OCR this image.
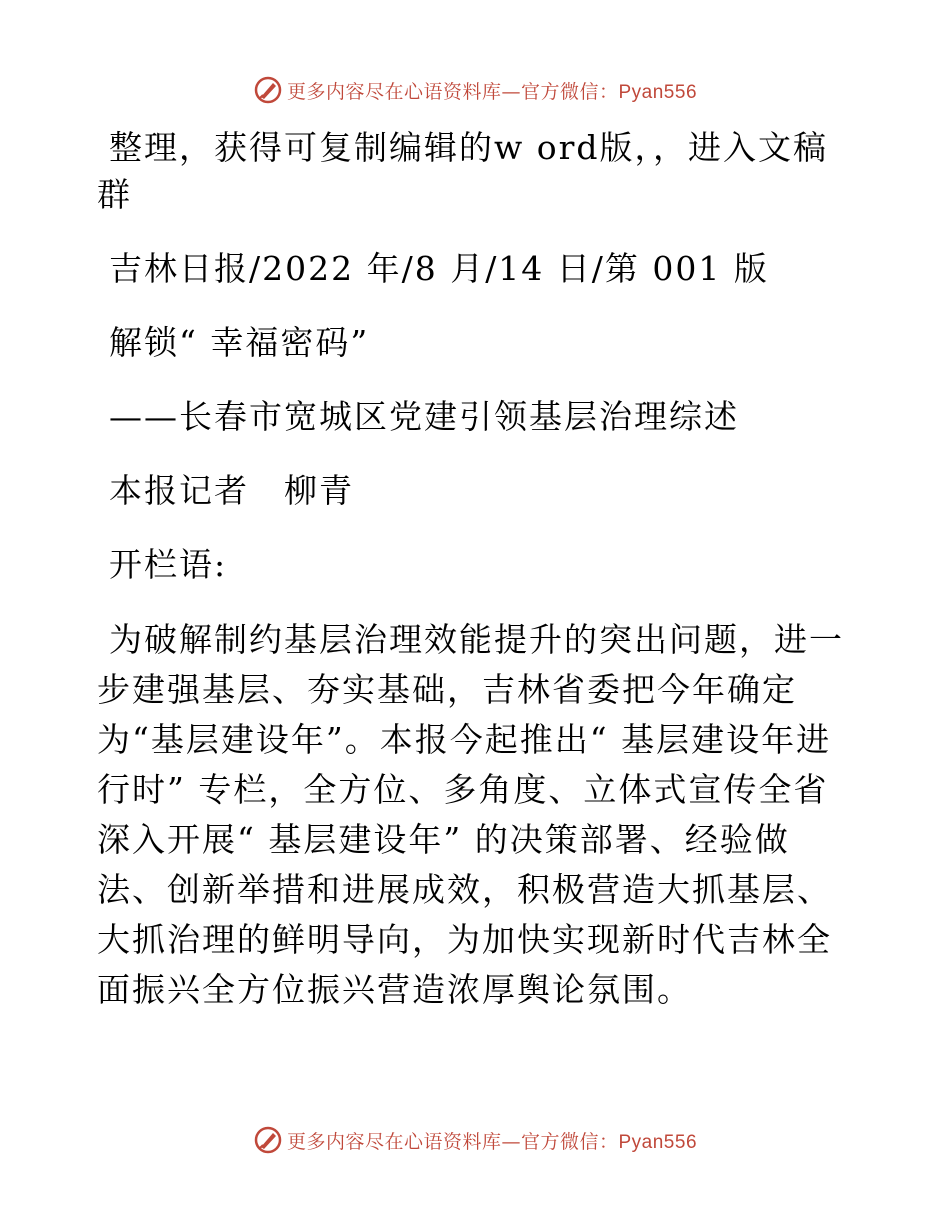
更多内容尽在心语资料库—官方微信：Pyan556

整理，获得可复制编辑的w ord版，，进入文稿群

吉林日报/2022 年/8 月/14 日/第 001 版

解锁“ 幸福密码”

——长春市宽城区党建引领基层治理综述

本报记者　柳青

开栏语:

为破解制约基层治理效能提升的突出问题，进一步建强基层、夯实基础，吉林省委把今年确定为“基层建设年”。本报今起推出“ 基层建设年进行时” 专栏，全方位、多角度、立体式宣传全省深入开展“ 基层建设年” 的决策部署、经验做法、创新举措和进展成效，积极营造大抓基层、大抓治理的鲜明导向，为加快实现新时代吉林全面振兴全方位振兴营造浓厚舆论氛围。

更多内容尽在心语资料库—官方微信：Pyan556
